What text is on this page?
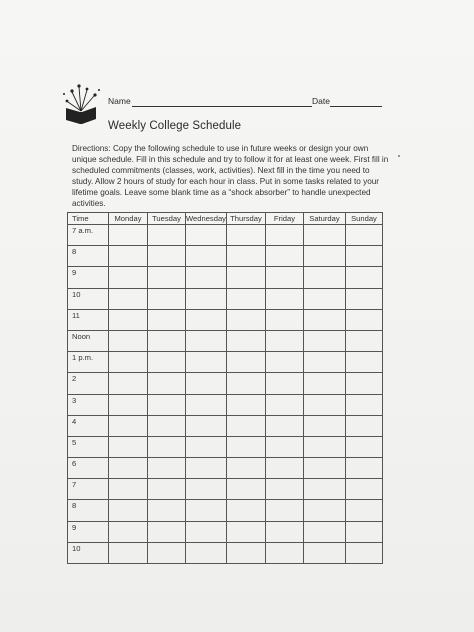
Name	Date
Weekly College Schedule
Directions: Copy the following schedule to use in future weeks or design your own unique schedule. Fill in this schedule and try to follow it for at least one week. First fill in scheduled commitments (classes, work, activities). Next fill in the time you need to study. Allow 2 hours of study for each hour in class. Put in some tasks related to your lifetime goals. Leave some blank time as a “shock absorber” to handle unexpected activities.
Time	Monday	Tuesday	Wednesday	Thursday	Friday	Saturday	Sunday
7 a.m.							
8							
9							
10							
11							
Noon							
1 p.m.							
2							
3							
4							
5							
6							
7							
8							
9							
10							
